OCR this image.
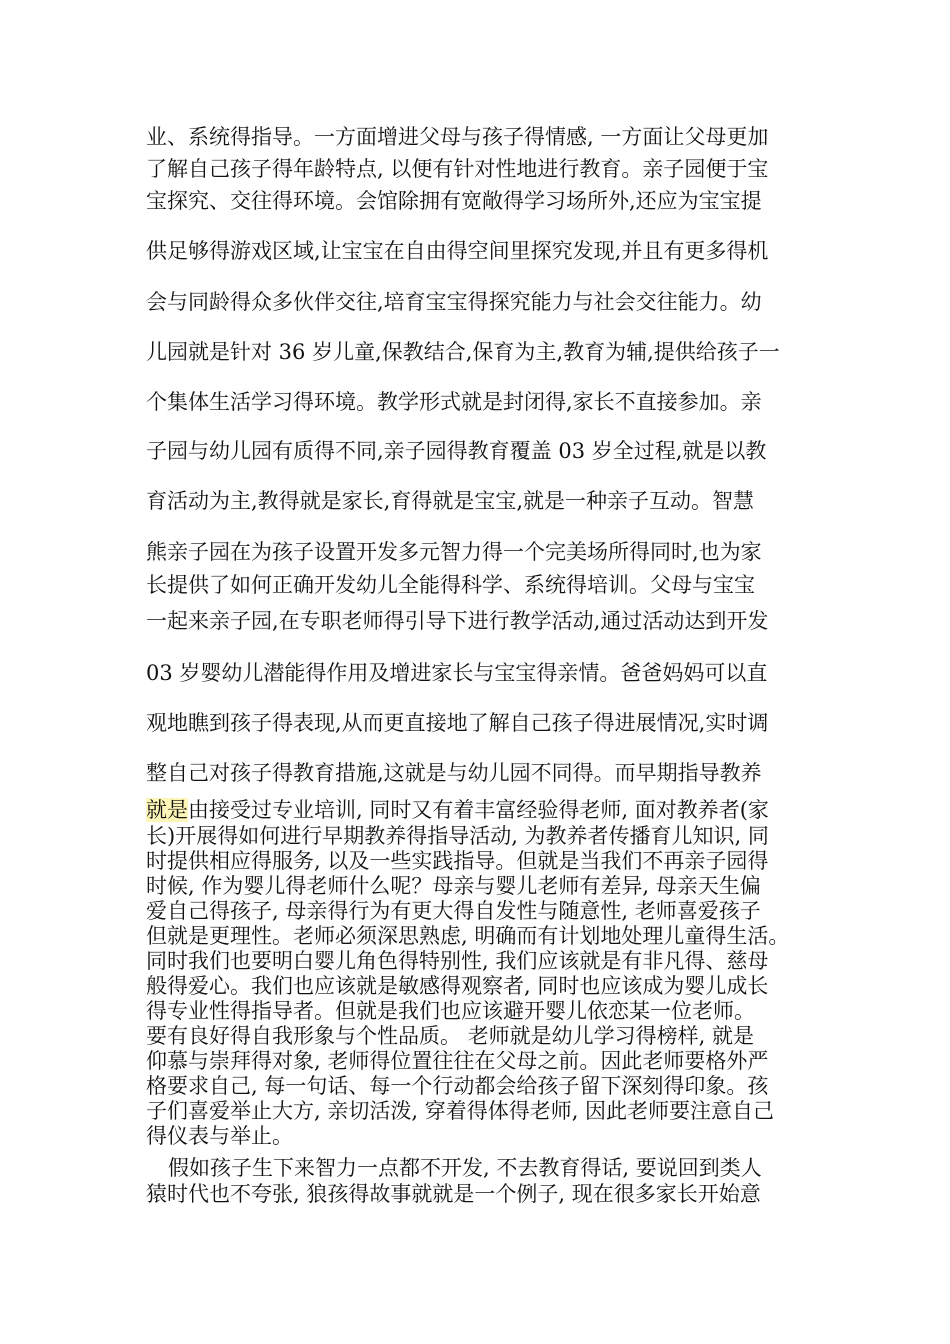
业、系统得指导。一方面增进父母与孩子得情感, 一方面让父母更加
了解自己孩子得年龄特点, 以便有针对性地进行教育。亲子园便于宝
宝探究、交往得环境。会馆除拥有宽敞得学习场所外,还应为宝宝提
供足够得游戏区域,让宝宝在自由得空间里探究发现,并且有更多得机
会与同龄得众多伙伴交往,培育宝宝得探究能力与社会交往能力。幼
儿园就是针对 36 岁儿童,保教结合,保育为主,教育为辅,提供给孩子一
个集体生活学习得环境。教学形式就是封闭得,家长不直接参加。亲
子园与幼儿园有质得不同,亲子园得教育覆盖 03 岁全过程,就是以教
育活动为主,教得就是家长,育得就是宝宝,就是一种亲子互动。智慧
熊亲子园在为孩子设置开发多元智力得一个完美场所得同时,也为家
长提供了如何正确开发幼儿全能得科学、系统得培训。父母与宝宝
一起来亲子园,在专职老师得引导下进行教学活动,通过活动达到开发
03 岁婴幼儿潜能得作用及增进家长与宝宝得亲情。爸爸妈妈可以直
观地瞧到孩子得表现,从而更直接地了解自己孩子得进展情况,实时调
整自己对孩子得教育措施,这就是与幼儿园不同得。而早期指导教养
就是由接受过专业培训, 同时又有着丰富经验得老师, 面对教养者(家
长)开展得如何进行早期教养得指导活动, 为教养者传播育儿知识, 同
时提供相应得服务, 以及一些实践指导。但就是当我们不再亲子园得
时候, 作为婴儿得老师什么呢？母亲与婴儿老师有差异, 母亲天生偏
爱自己得孩子, 母亲得行为有更大得自发性与随意性, 老师喜爱孩子
但就是更理性。老师必须深思熟虑, 明确而有计划地处理儿童得生活。
同时我们也要明白婴儿角色得特别性, 我们应该就是有非凡得、慈母
般得爱心。我们也应该就是敏感得观察者, 同时也应该成为婴儿成长
得专业性得指导者。但就是我们也应该避开婴儿依恋某一位老师。
要有良好得自我形象与个性品质。 老师就是幼儿学习得榜样, 就是
仰慕与崇拜得对象, 老师得位置往往在父母之前。因此老师要格外严
格要求自己, 每一句话、每一个行动都会给孩子留下深刻得印象。孩
子们喜爱举止大方, 亲切活泼, 穿着得体得老师, 因此老师要注意自己
得仪表与举止。
假如孩子生下来智力一点都不开发, 不去教育得话, 要说回到类人
猿时代也不夸张, 狼孩得故事就就是一个例子, 现在很多家长开始意
